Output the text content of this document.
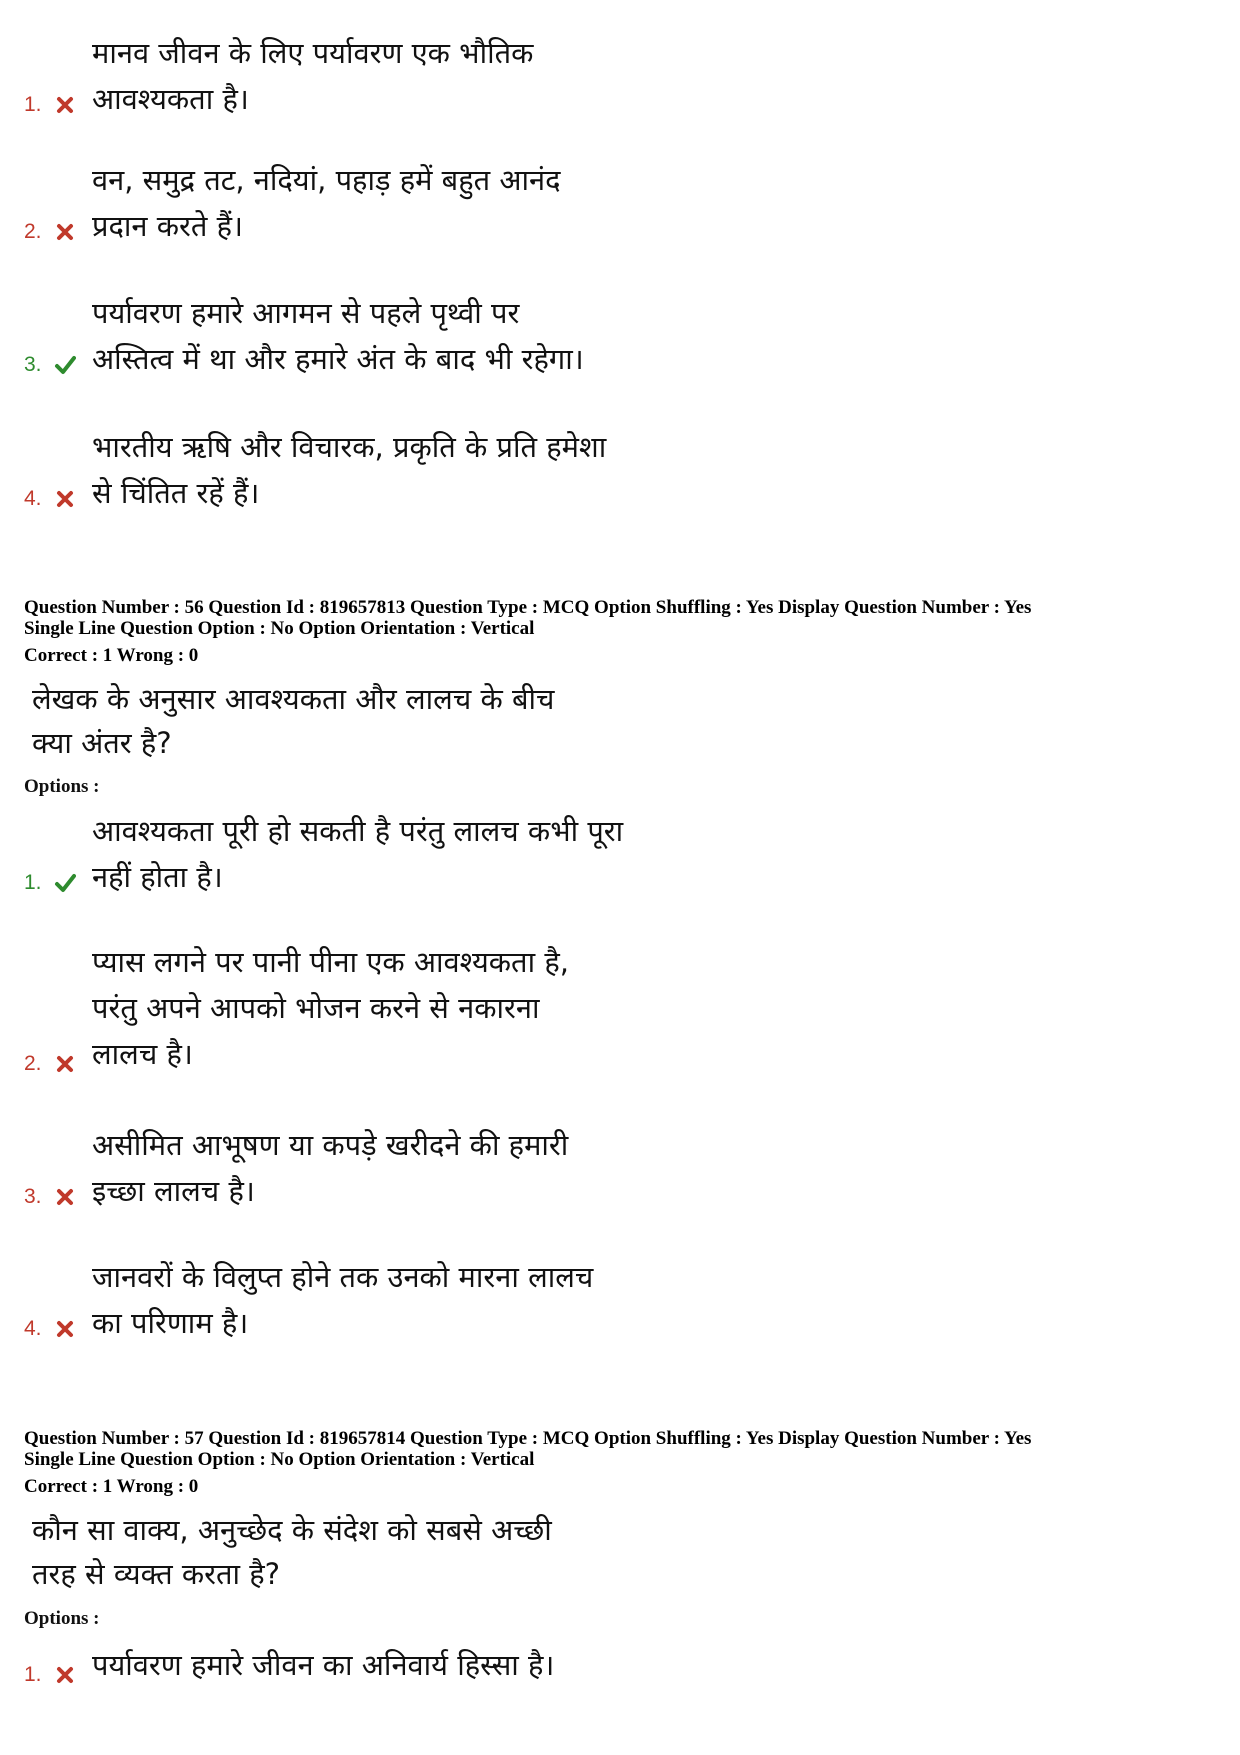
1.
मानव जीवन के लिए पर्यावरण एक भौतिक
आवश्यकता है।
2.
वन, समुद्र तट, नदियां, पहाड़ हमें बहुत आनंद
प्रदान करते हैं।
3.
पर्यावरण हमारे आगमन से पहले पृथ्वी पर
अस्तित्व में था और हमारे अंत के बाद भी रहेगा।
4.
भारतीय ऋषि और विचारक, प्रकृति के प्रति हमेशा
से चिंतित रहें हैं।
Question Number : 56 Question Id : 819657813 Question Type : MCQ Option Shuffling : Yes Display Question Number : Yes
Single Line Question Option : No Option Orientation : Vertical
Correct : 1 Wrong : 0
लेखक के अनुसार आवश्यकता और लालच के बीच
क्या अंतर है?
Options :
1.
आवश्यकता पूरी हो सकती है परंतु लालच कभी पूरा
नहीं होता है।
2.
प्यास लगने पर पानी पीना एक आवश्यकता है,
परंतु अपने आपको भोजन करने से नकारना
लालच है।
3.
असीमित आभूषण या कपड़े खरीदने की हमारी
इच्छा लालच है।
4.
जानवरों के विलुप्त होने तक उनको मारना लालच
का परिणाम है।
Question Number : 57 Question Id : 819657814 Question Type : MCQ Option Shuffling : Yes Display Question Number : Yes
Single Line Question Option : No Option Orientation : Vertical
Correct : 1 Wrong : 0
कौन सा वाक्य, अनुच्छेद के संदेश को सबसे अच्छी
तरह से व्यक्त करता है?
Options :
1. पर्यावरण हमारे जीवन का अनिवार्य हिस्सा है।
